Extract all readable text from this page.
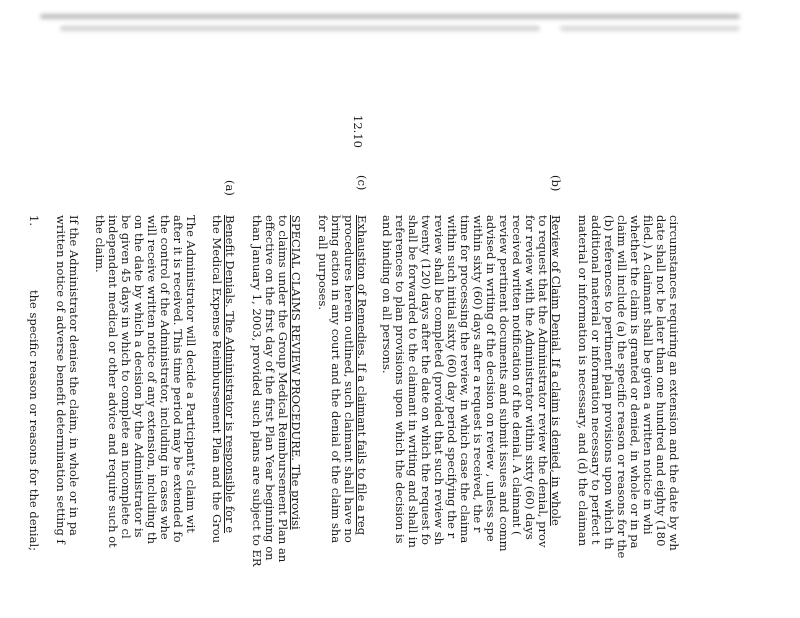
circumstances requiring an extension and the date by wh
date shall not be later than one hundred and eighty (180
filed.) A claimant shall be given a written notice in whi
whether the claim is granted or denied, in whole or in pa
claim will include (a) the specific reason or reasons for the
(b) references to pertinent plan provisions upon which th
additional material or information necessary to perfect t
material or information is necessary, and (d) the claiman
(b)
Review of Claim Denial. If a claim is denied, in whole
to request that the Administrator review the denial, prov
for review with the Administrator within sixty (60) days
received written notification of the denial. A claimant (
review pertinent documents and submit issues and comm
advised in writing of the decision on review , unless spe
within sixty (60) days after a request is received, the r
time for processing the review, in which case the claima
within such initial sixty (60) day period specifying the r
review shall be completed (provided that such review sh
twenty (120) days after the date on which the request fo
shall be forwarded to the claimant in writing and shall in
references to plan provisions upon which the decision is
and binding on all persons.
(c)
Exhaustion of Remedies. If a claimant fails to file a req
procedures herein outlined, such claimant shall have no
bring action in any court and the denial of the claim sha
for all purposes.
12.10
SPECIAL CLAIMS REVIEW PROCEDURE. The provisi
to claims under the Group Medical Reimbursement Plan an
effective on the first day of the first Plan Year beginning on
than January 1, 2003, provided such plans are subject to ER
(a)
Benefit Denials. The Administrator is responsible for e
the Medical Expense Reimbursement Plan and the Grou
The Administrator will decide a Participant's claim wit
after it is received. This time period may be extended fo
the control of the Administrator, including in cases whe
will receive written notice of any extension, including th
on the date by which a decision by the Administrator is
be given 45 days in which to complete an incomplete cl
independent medical or other advice and require such ot
the claim.
If the Administrator denies the claim, in whole or in pa
written notice of adverse benefit determination setting f
1.
the specific reason or reasons for the denial;
